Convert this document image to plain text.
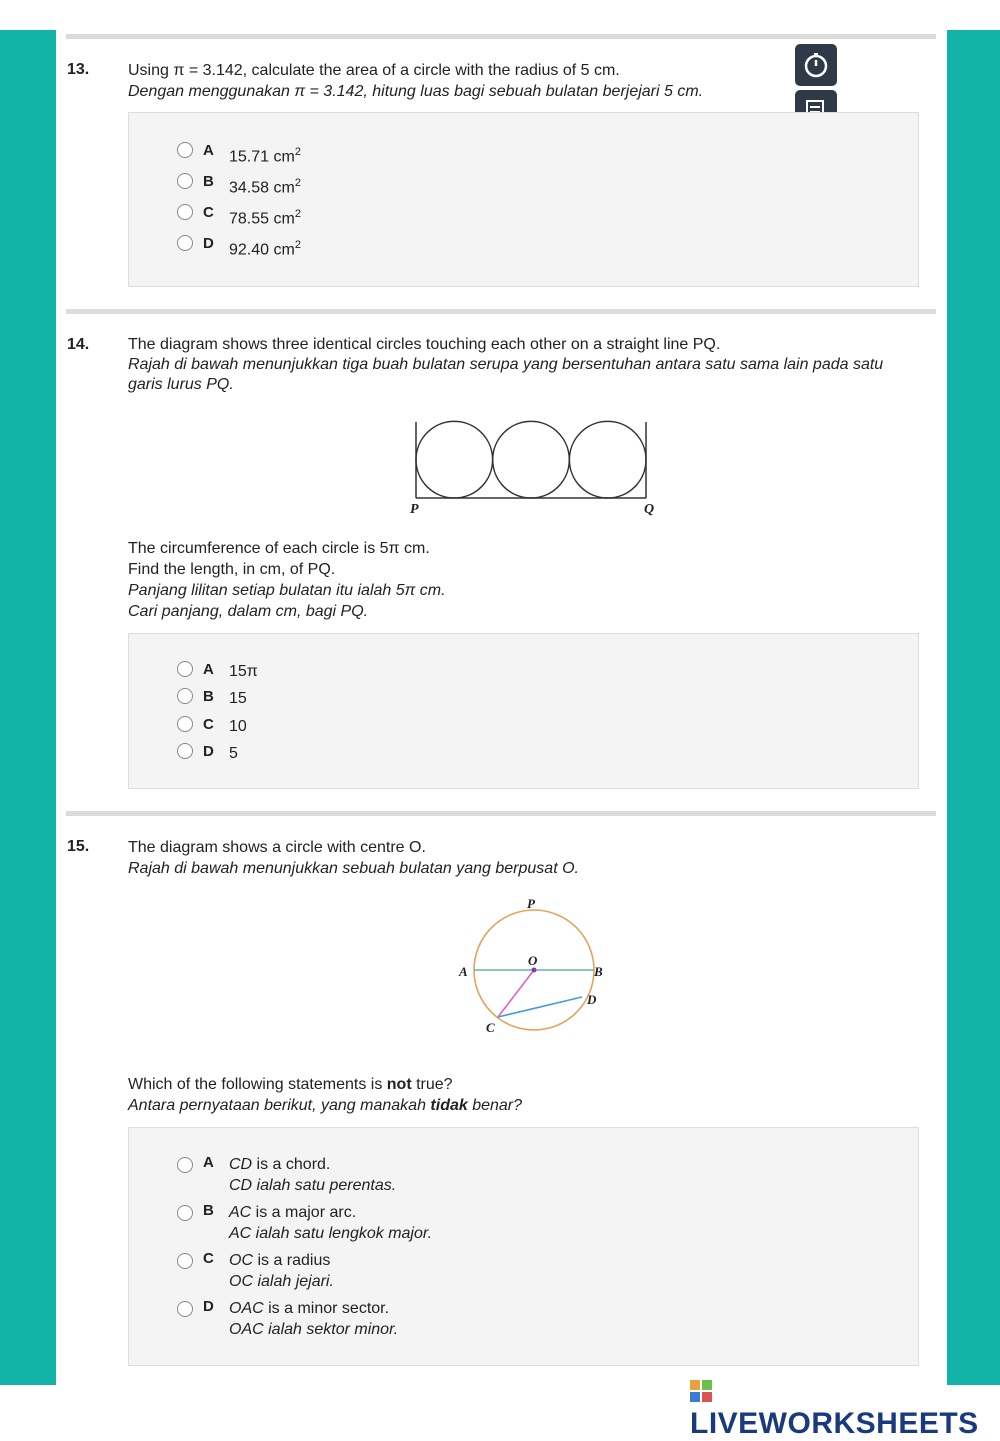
13. Using π = 3.142, calculate the area of a circle with the radius of 5 cm.
Dengan menggunakan π = 3.142, hitung luas bagi sebuah bulatan berjejari 5 cm.
A 15.71 $cm^2$
B 34.58 $cm^2$
C 78.55 $cm^2$
D 92.40 $cm^2$
14. The diagram shows three identical circles touching each other on a straight line PQ.
Rajah di bawah menunjukkan tiga buah bulatan serupa yang bersentuhan antara satu sama lain pada satu garis lurus PQ.
P	Q
The circumference of each circle is 5π cm.
Find the length, in cm, of PQ.
Panjang lilitan setiap bulatan itu ialah 5π cm.
Cari panjang, dalam cm, bagi PQ.
A 15π
B 15
C 10
D 5
15. The diagram shows a circle with centre O.
Rajah di bawah menunjukkan sebuah bulatan yang berpusat O.
P
O
A	B
C
D
Which of the following statements is not true?
Antara pernyataan berikut, yang manakah tidak benar?
A CD is a chord.
CD ialah satu perentas.
B AC is a major arc.
AC ialah satu lengkok major.
C OC is a radius
OC ialah jejari.
D OAC is a minor sector.
OAC ialah sektor minor.
LIVEWORKSHEETS
